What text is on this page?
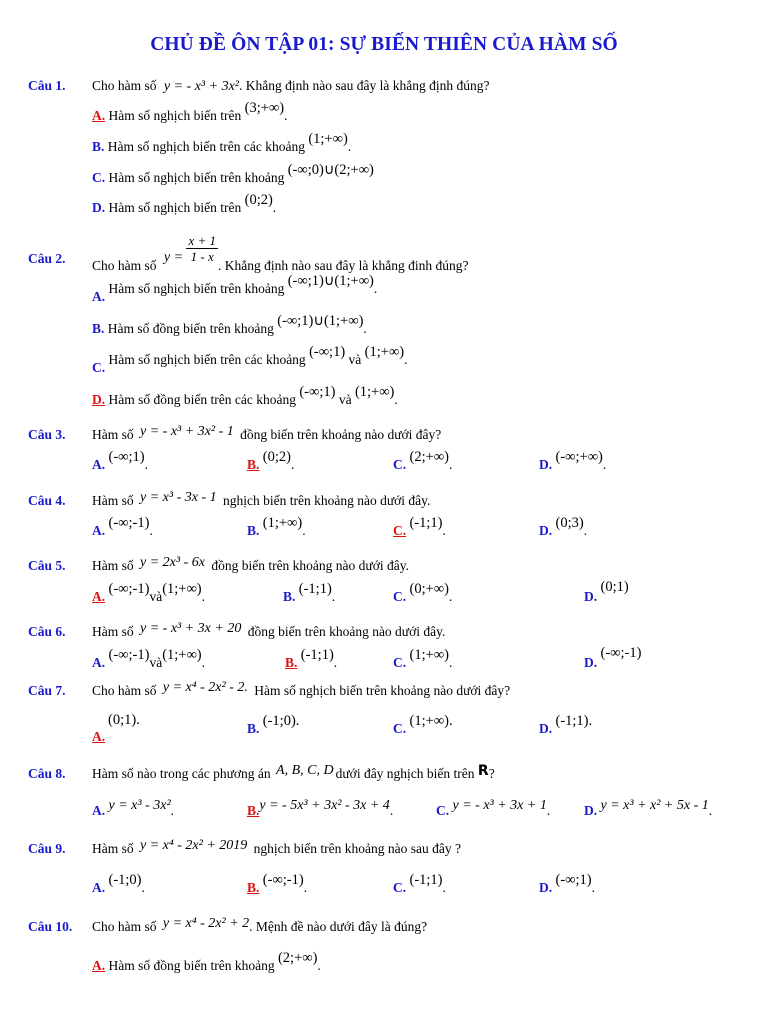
CHỦ ĐỀ ÔN TẬP 01: SỰ BIẾN THIÊN CỦA HÀM SỐ
Câu 1. Cho hàm số y = - x³ + 3x². Khẳng định nào sau đây là khẳng định đúng?
A. Hàm số nghịch biến trên (3;+∞).
B. Hàm số nghịch biến trên các khoảng (1;+∞).
C. Hàm số nghịch biến trên khoảng (-∞;0)∪(2;+∞)
D. Hàm số nghịch biến trên (0;2).
Câu 2. Cho hàm số $y = \frac{x + 1}{1 - x}$
. Khẳng định nào sau đây là khẳng đinh đúng?
A. Hàm số nghịch biến trên khoảng (-∞;1)∪(1;+∞).
B. Hàm số đồng biến trên khoảng (-∞;1)∪(1;+∞).
C. Hàm số nghịch biến trên các khoảng (-∞;1) và (1;+∞).
D. Hàm số đồng biến trên các khoảng (-∞;1) và (1;+∞).
Câu 3. Hàm số y = - x³ + 3x² - 1 đồng biến trên khoảng nào dưới đây?
A. (-∞;1).	B. (0;2).	C. (2;+∞).	D. (-∞;+∞).
Câu 4. Hàm số y = x³ - 3x - 1 nghịch biến trên khoảng nào dưới đây.
A. (-∞;-1).	B. (1;+∞).	C. (-1;1).	D. (0;3).
Câu 5. Hàm số y = 2x³ - 6x đồng biến trên khoảng nào dưới đây.
A. (-∞;-1)và(1;+∞).	B. (-1;1).	C. (0;+∞).	D. (0;1)
Câu 6. Hàm số y = - x³ + 3x + 20 đồng biến trên khoảng nào dưới đây.
A. (-∞;-1)và(1;+∞).	B. (-1;1).	C. (1;+∞).	D. (-∞;-1)
Câu 7. Cho hàm số y = x⁴ - 2x² - 2. Hàm số nghịch biến trên khoảng nào dưới đây?
(0;1).
A.
B. (-1;0).	C. (1;+∞).	D. (-1;1).
Câu 8. Hàm số nào trong các phương án A, B, C, D dưới đây nghịch biến trên R?
A. y = x³ - 3x².	B.y = - 5x³ + 3x² - 3x + 4.	C. y = - x³ + 3x + 1.	D. y = x³ + x² + 5x - 1.
Câu 9. Hàm số y = x⁴ - 2x² + 2019 nghịch biến trên khoảng nào sau đây ?
A. (-1;0).	B. (-∞;-1).	C. (-1;1).	D. (-∞;1).
Câu 10. Cho hàm số y = x⁴ - 2x² + 2. Mệnh đề nào dưới đây là đúng?
A. Hàm số đồng biến trên khoảng (2;+∞).
